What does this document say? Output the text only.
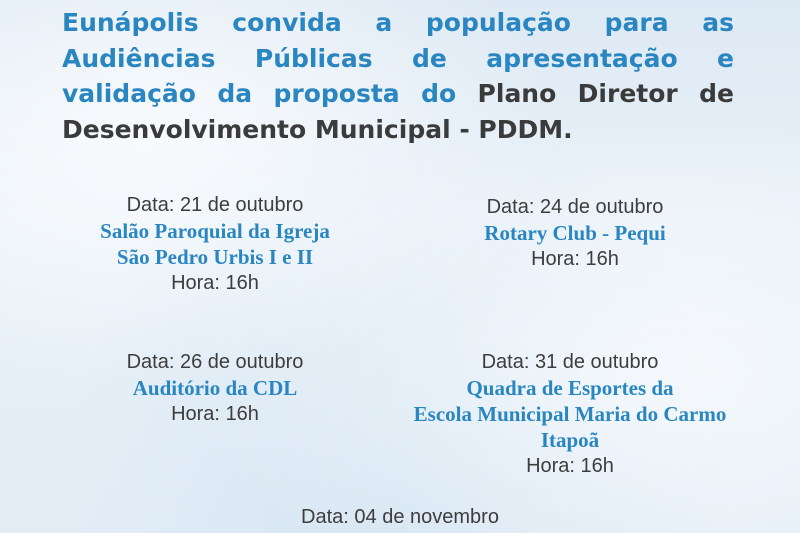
Eunápolis convida a população para as
Audiências Públicas de apresentação e
validação da proposta do Plano Diretor de
Desenvolvimento Municipal - PDDM.
Data: 21 de outubro
Salão Paroquial da Igreja
São Pedro Urbis I e II
Hora: 16h
Data: 24 de outubro
Rotary Club - Pequi
Hora: 16h
Data: 26 de outubro
Auditório da CDL
Hora: 16h
Data: 31 de outubro
Quadra de Esportes da
Escola Municipal Maria do Carmo
Itapoã
Hora: 16h
Data: 04 de novembro
